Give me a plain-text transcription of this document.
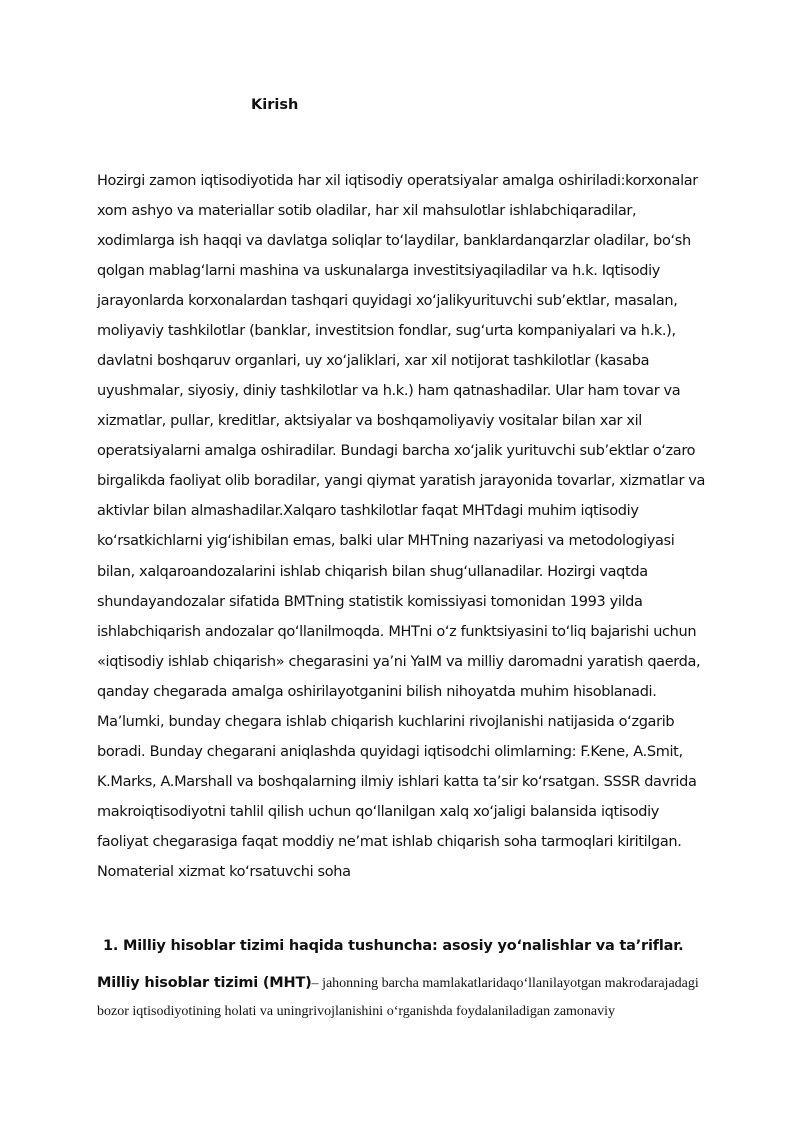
Kirish
Hozirgi zamon iqtisodiyotida har xil iqtisodiy operatsiyalar amalga oshiriladi:korxonalar
xom ashyo va materiallar sotib oladilar, har xil mahsulotlar ishlabchiqaradilar,
xodimlarga ish haqqi va davlatga soliqlar to‘laydilar, banklardanqarzlar oladilar, bo‘sh
qolgan mablag‘larni mashina va uskunalarga investitsiyaqiladilar va h.k. Iqtisodiy
jarayonlarda korxonalardan tashqari quyidagi xo‘jalikyurituvchi sub’ektlar, masalan,
moliyaviy tashkilotlar (banklar, investitsion fondlar, sug‘urta kompaniyalari va h.k.),
davlatni boshqaruv organlari, uy xo‘jaliklari, xar xil notijorat tashkilotlar (kasaba
uyushmalar, siyosiy, diniy tashkilotlar va h.k.) ham qatnashadilar. Ular ham tovar va
xizmatlar, pullar, kreditlar, aktsiyalar va boshqamoliyaviy vositalar bilan xar xil
operatsiyalarni amalga oshiradilar. Bundagi barcha xo‘jalik yurituvchi sub’ektlar o‘zaro
birgalikda faoliyat olib boradilar, yangi qiymat yaratish jarayonida tovarlar, xizmatlar va
aktivlar bilan almashadilar.Xalqaro tashkilotlar faqat MHTdagi muhim iqtisodiy
ko‘rsatkichlarni yig‘ishibilan emas, balki ular MHTning nazariyasi va metodologiyasi
bilan, xalqaroandozalarini ishlab chiqarish bilan shug‘ullanadilar. Hozirgi vaqtda
shundayandozalar sifatida BMTning statistik komissiyasi tomonidan 1993 yilda
ishlabchiqarish andozalar qo‘llanilmoqda. MHTni o‘z funktsiyasini to‘liq bajarishi uchun
«iqtisodiy ishlab chiqarish» chegarasini ya’ni YaIM va milliy daromadni yaratish qaerda,
qanday chegarada amalga oshirilayotganini bilish nihoyatda muhim hisoblanadi.
Ma’lumki, bunday chegara ishlab chiqarish kuchlarini rivojlanishi natijasida o‘zgarib
boradi. Bunday chegarani aniqlashda quyidagi iqtisodchi olimlarning: F.Kene, A.Smit,
K.Marks, A.Marshall va boshqalarning ilmiy ishlari katta ta’sir ko‘rsatgan. SSSR davrida
makroiqtisodiyotni tahlil qilish uchun qo‘llanilgan xalq xo‘jaligi balansida iqtisodiy
faoliyat chegarasiga faqat moddiy ne’mat ishlab chiqarish soha tarmoqlari kiritilgan.
Nomaterial xizmat ko‘rsatuvchi soha
1. Milliy hisoblar tizimi haqida tushuncha: asosiy yo‘nalishlar va ta’riflar.
Milliy hisoblar tizimi (MHT)– jahonning barcha mamlakatlaridaqo‘llanilayotgan makrodarajadagi
bozor iqtisodiyotining holati va uningrivojlanishini o‘rganishda foydalaniladigan zamonaviy
